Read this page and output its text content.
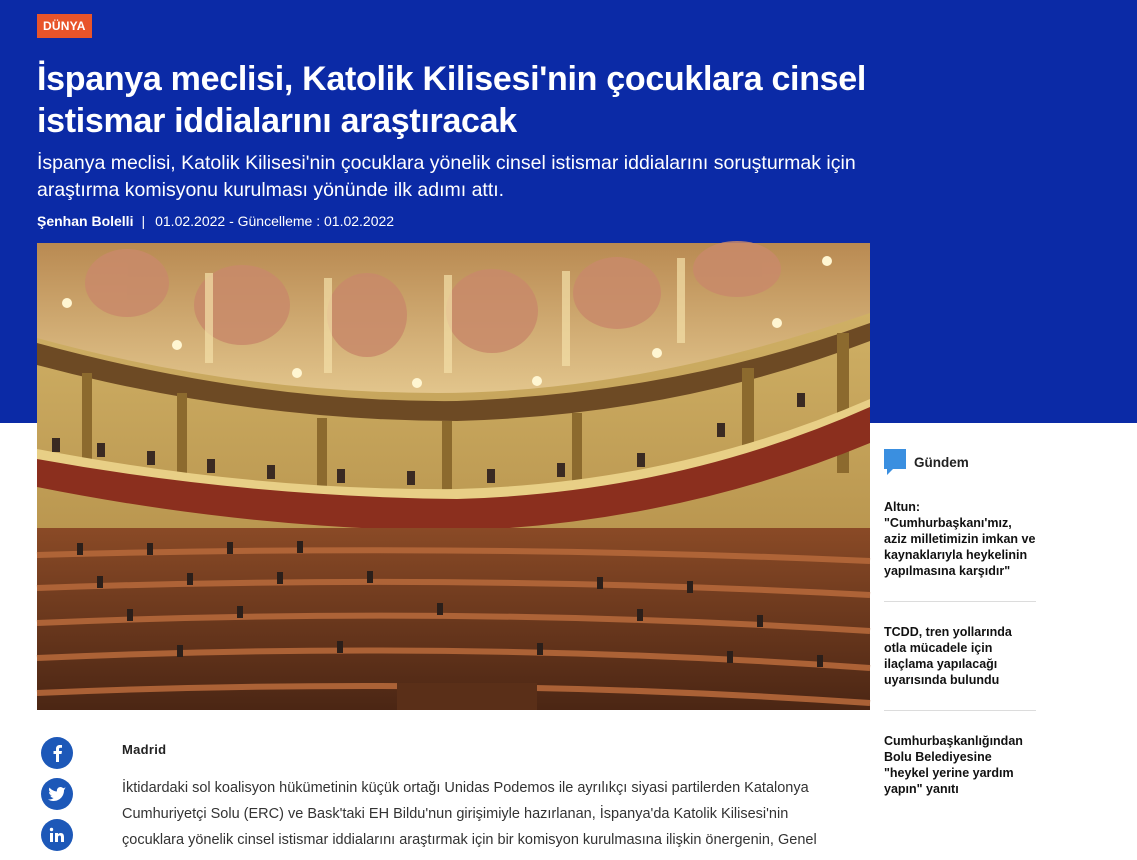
DÜNYA
İspanya meclisi, Katolik Kilisesi'nin çocuklara cinsel
istismar iddialarını araştıracak

İspanya meclisi, Katolik Kilisesi'nin çocuklara yönelik cinsel istismar iddialarını soruşturmak için
araştırma komisyonu kurulması yönünde ilk adımı attı.

Şenhan Bolelli | 01.02.2022 - Güncelleme : 01.02.2022
Madrid
İktidardaki sol koalisyon hükümetinin küçük ortağı Unidas Podemos ile ayrılıkçı siyasi partilerden Katalonya
Cumhuriyetçi Solu (ERC) ve Bask'taki EH Bildu'nun girişimiyle hazırlanan, İspanya'da Katolik Kilisesi'nin
çocuklara yönelik cinsel istismar iddialarını araştırmak için bir komisyon kurulmasına ilişkin önergenin, Genel
Gündem
Altun: "Cumhurbaşkanı'mız, aziz milletimizin imkan ve kaynaklarıyla heykelinin yapılmasına karşıdır"
TCDD, tren yollarında otla mücadele için ilaçlama yapılacağı uyarısında bulundu
Cumhurbaşkanlığından Bolu Belediyesine "heykel yerine yardım yapın" yanıtı
